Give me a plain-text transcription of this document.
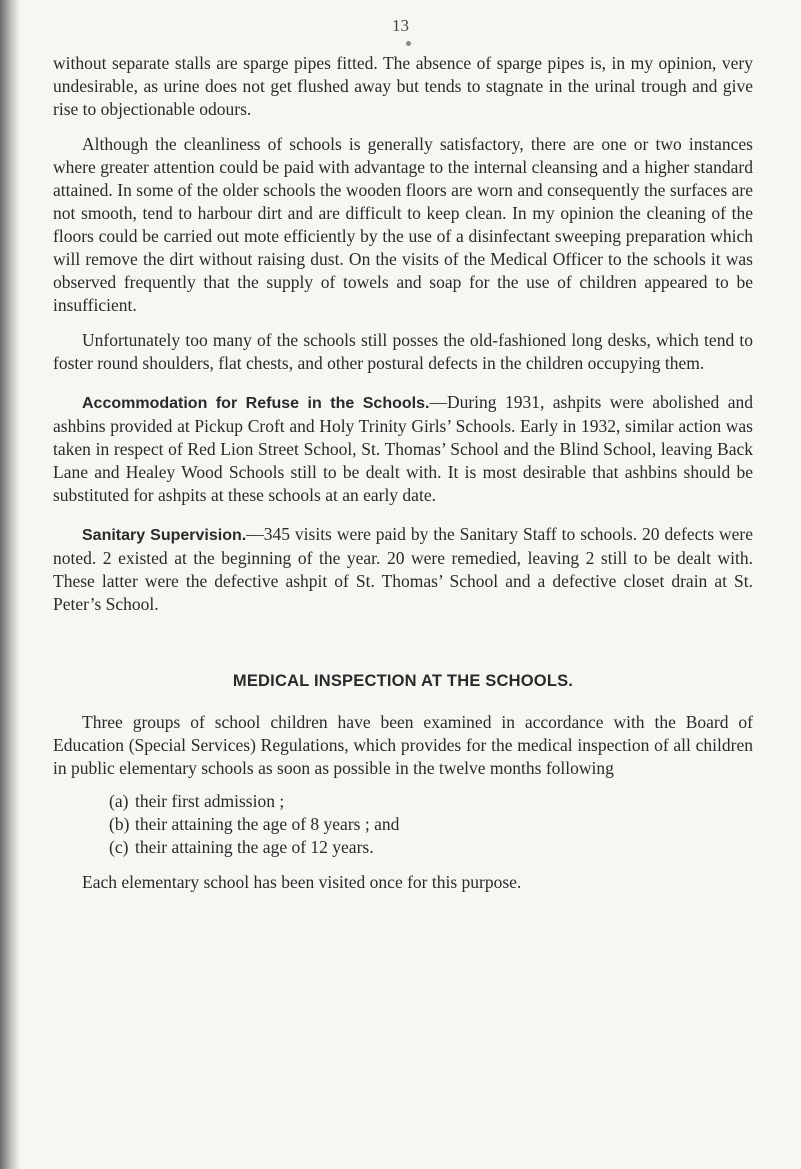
13

without separate stalls are sparge pipes fitted. The absence of sparge pipes is, in my opinion, very undesirable, as urine does not get flushed away but tends to stagnate in the urinal trough and give rise to objectionable odours.

Although the cleanliness of schools is generally satisfactory, there are one or two instances where greater attention could be paid with advantage to the internal cleansing and a higher standard attained. In some of the older schools the wooden floors are worn and consequently the surfaces are not smooth, tend to harbour dirt and are difficult to keep clean. In my opinion the cleaning of the floors could be carried out mote efficiently by the use of a disinfectant sweeping preparation which will remove the dirt without raising dust. On the visits of the Medical Officer to the schools it was observed frequently that the supply of towels and soap for the use of children appeared to be insufficient.

Unfortunately too many of the schools still posses the old-fashioned long desks, which tend to foster round shoulders, flat chests, and other postural defects in the children occupying them.

Accommodation for Refuse in the Schools.—During 1931, ashpits were abolished and ashbins provided at Pickup Croft and Holy Trinity Girls’ Schools. Early in 1932, similar action was taken in respect of Red Lion Street School, St. Thomas’ School and the Blind School, leaving Back Lane and Healey Wood Schools still to be dealt with. It is most desirable that ashbins should be substituted for ashpits at these schools at an early date.

Sanitary Supervision.—345 visits were paid by the Sanitary Staff to schools. 20 defects were noted. 2 existed at the beginning of the year. 20 were remedied, leaving 2 still to be dealt with. These latter were the defective ashpit of St. Thomas’ School and a defective closet drain at St. Peter’s School.

MEDICAL INSPECTION AT THE SCHOOLS.

Three groups of school children have been examined in accordance with the Board of Education (Special Services) Regulations, which provides for the medical inspection of all children in public elementary schools as soon as possible in the twelve months following

(a) their first admission ;
(b) their attaining the age of 8 years ; and
(c) their attaining the age of 12 years.

Each elementary school has been visited once for this purpose.
